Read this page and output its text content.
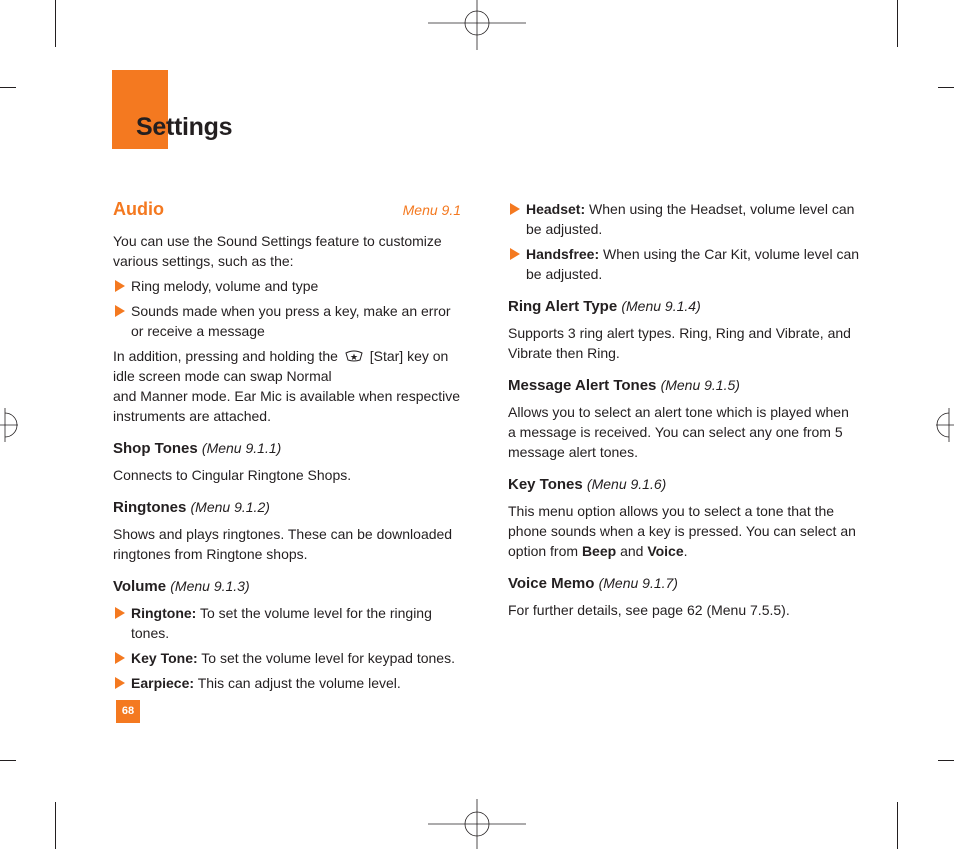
Settings
Audio	Menu 9.1

You can use the Sound Settings feature to customize various settings, such as the:

Ring melody, volume and type

Sounds made when you press a key, make an error or receive a message

In addition, pressing and holding the [Star] key on idle screen mode can swap Normal
and Manner mode. Ear Mic is available when respective instruments are attached.

Shop Tones (Menu 9.1.1)

Connects to Cingular Ringtone Shops.

Ringtones (Menu 9.1.2)

Shows and plays ringtones. These can be downloaded ringtones from Ringtone shops.

Volume (Menu 9.1.3)

Ringtone: To set the volume level for the ringing tones.

Key Tone: To set the volume level for keypad tones.

Earpiece: This can adjust the volume level.

Headset: When using the Headset, volume level can be adjusted.

Handsfree: When using the Car Kit, volume level can be adjusted.

Ring Alert Type (Menu 9.1.4)

Supports 3 ring alert types. Ring, Ring and Vibrate, and Vibrate then Ring.

Message Alert Tones (Menu 9.1.5)

Allows you to select an alert tone which is played when a message is received. You can select any one from 5 message alert tones.

Key Tones (Menu 9.1.6)

This menu option allows you to select a tone that the phone sounds when a key is pressed. You can select an option from Beep and Voice.

Voice Memo (Menu 9.1.7)

For further details, see page 62 (Menu 7.5.5).

68
